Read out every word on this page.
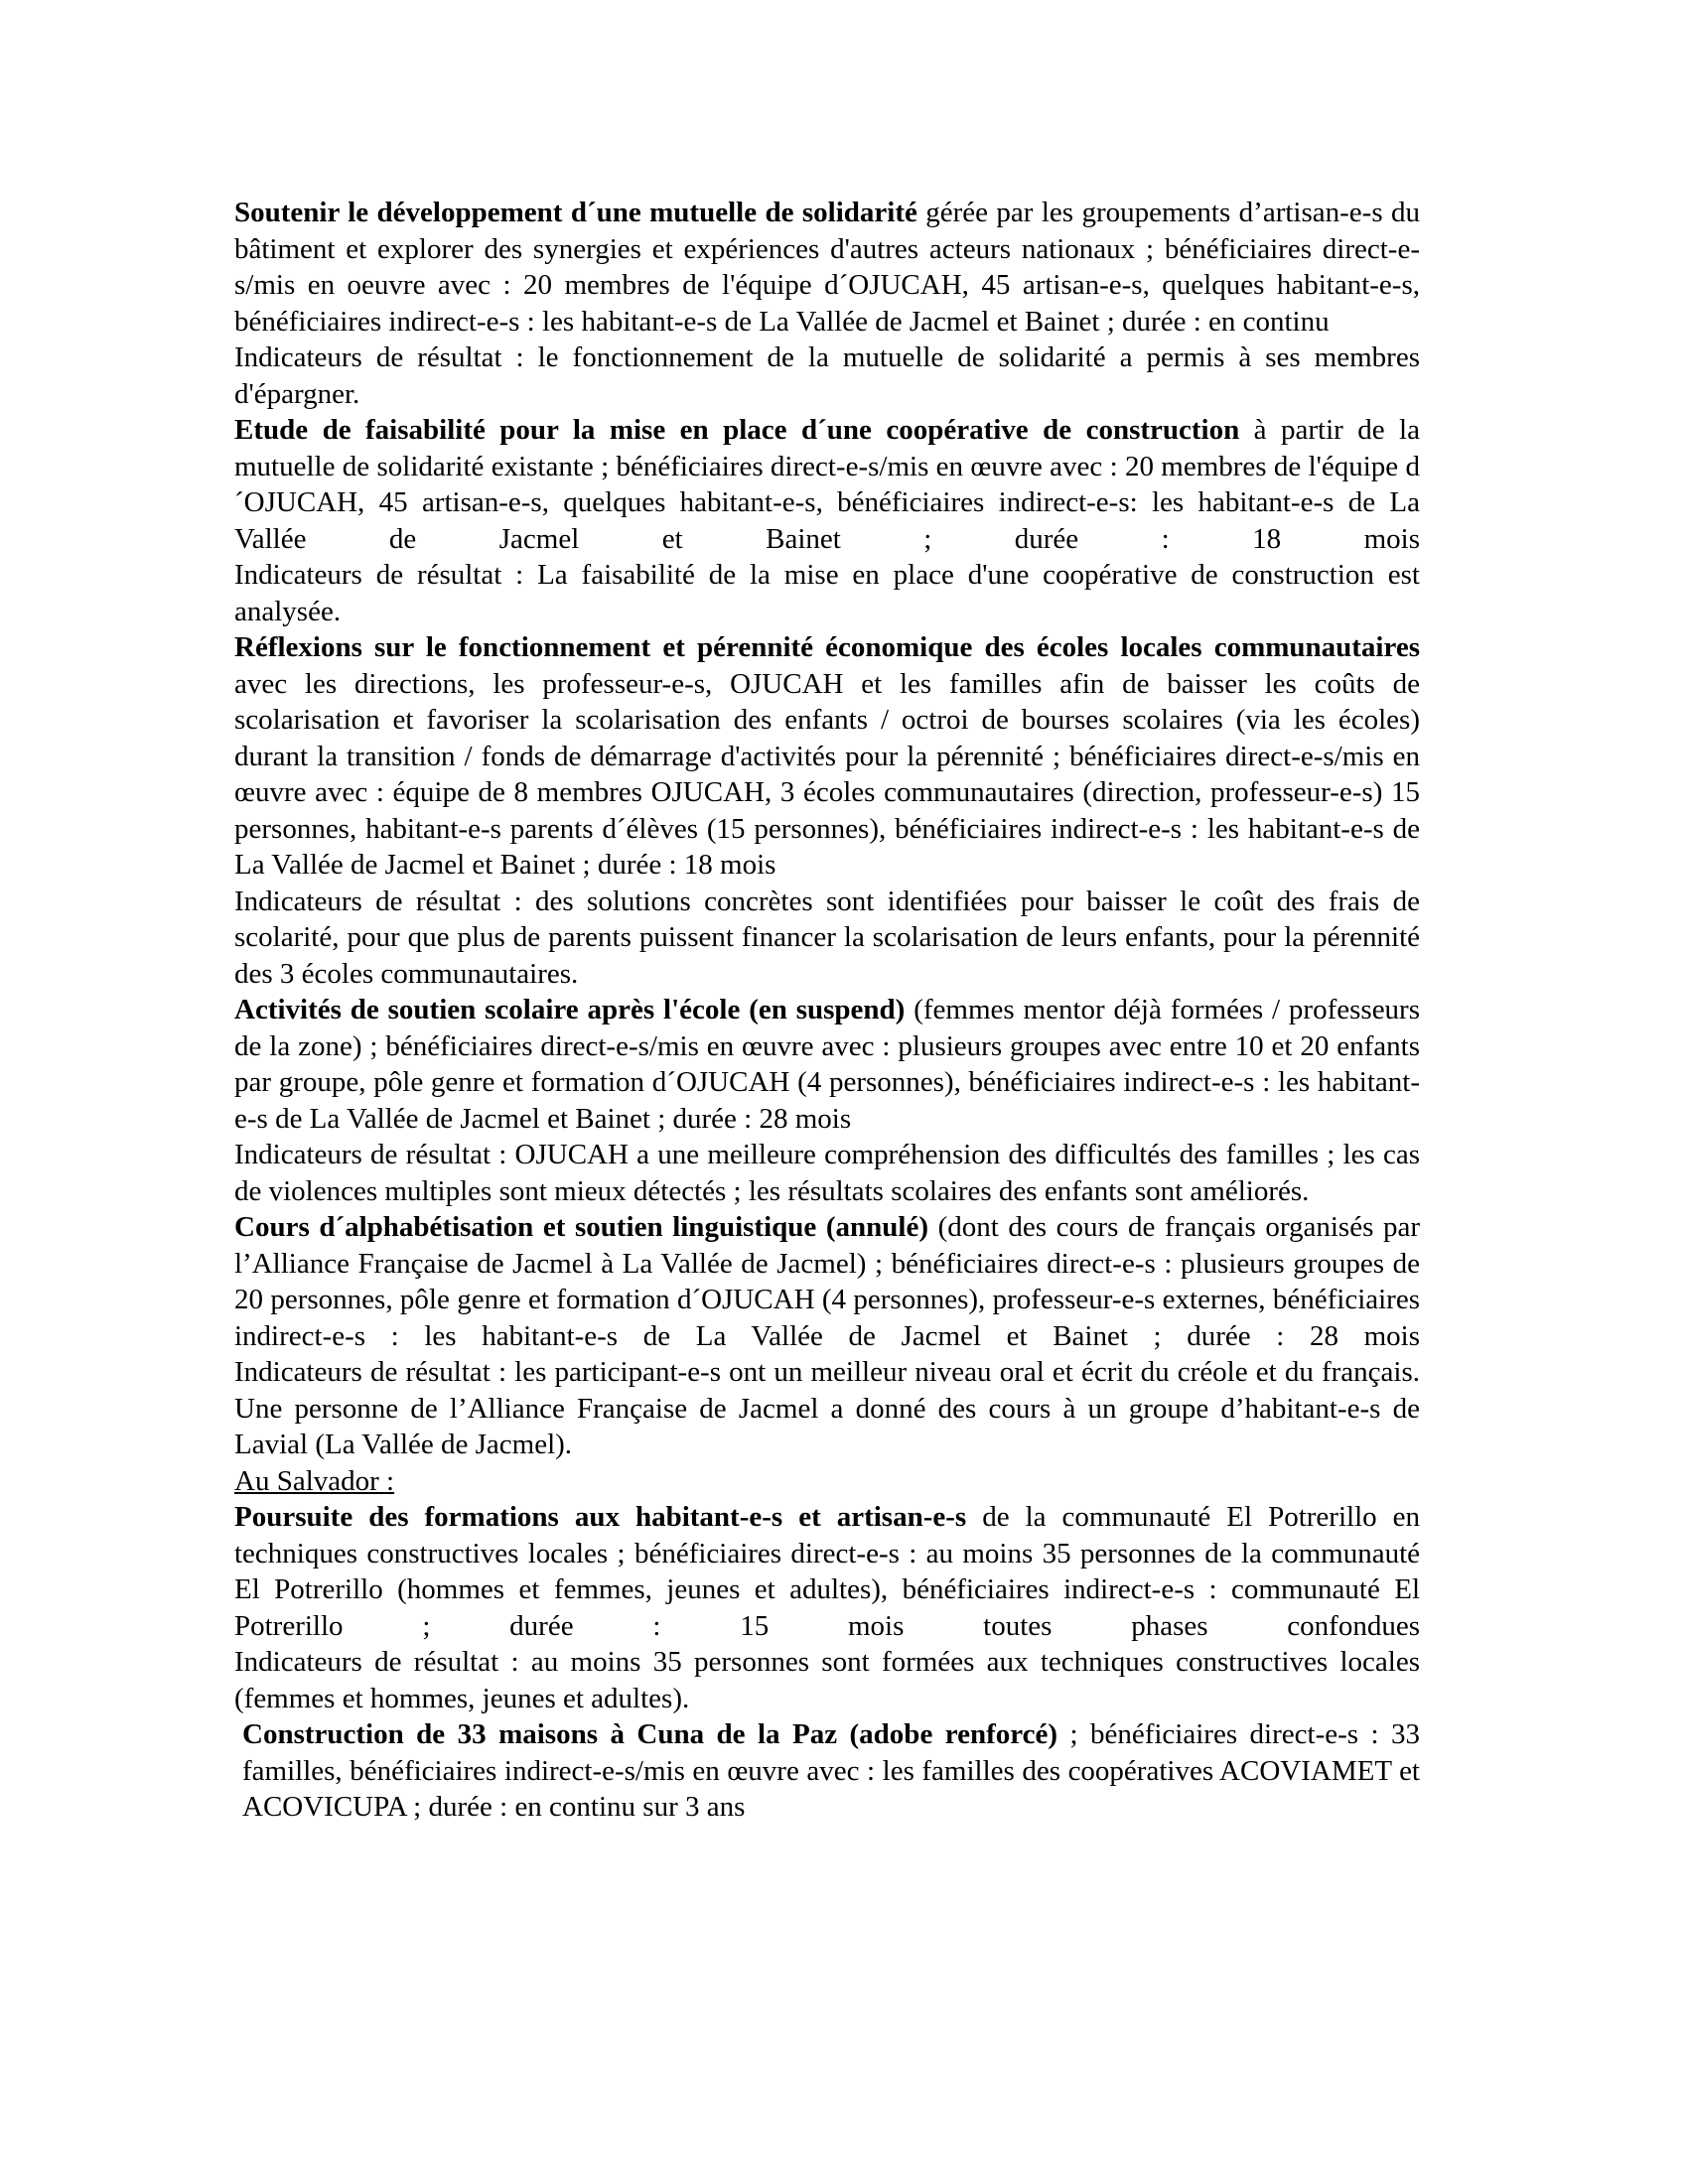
Soutenir le développement d´une mutuelle de solidarité gérée par les groupements d’artisan-e-s du bâtiment et explorer des synergies et expériences d'autres acteurs nationaux ; bénéficiaires direct-e-s/mis en oeuvre avec : 20 membres de l'équipe d´OJUCAH, 45 artisan-e-s, quelques habitant-e-s, bénéficiaires indirect-e-s : les habitant-e-s de La Vallée de Jacmel et Bainet ; durée : en continu

Indicateurs de résultat : le fonctionnement de la mutuelle de solidarité a permis à ses membres d'épargner.

Etude de faisabilité pour la mise en place d´une coopérative de construction à partir de la mutuelle de solidarité existante ; bénéficiaires direct-e-s/mis en œuvre avec : 20 membres de l'équipe d´OJUCAH, 45 artisan-e-s, quelques habitant-e-s, bénéficiaires indirect-e-s: les habitant-e-s de La Vallée de Jacmel et Bainet ; durée : 18 mois

Indicateurs de résultat : La faisabilité de la mise en place d'une coopérative de construction est analysée.

Réflexions sur le fonctionnement et pérennité économique des écoles locales communautaires avec les directions, les professeur-e-s, OJUCAH et les familles afin de baisser les coûts de scolarisation et favoriser la scolarisation des enfants / octroi de bourses scolaires (via les écoles) durant la transition / fonds de démarrage d'activités pour la pérennité ; bénéficiaires direct-e-s/mis en œuvre avec : équipe de 8 membres OJUCAH, 3 écoles communautaires (direction, professeur-e-s) 15 personnes, habitant-e-s parents d´élèves (15 personnes), bénéficiaires indirect-e-s : les habitant-e-s de La Vallée de Jacmel et Bainet ; durée : 18 mois

Indicateurs de résultat : des solutions concrètes sont identifiées pour baisser le coût des frais de scolarité, pour que plus de parents puissent financer la scolarisation de leurs enfants, pour la pérennité des 3 écoles communautaires.

Activités de soutien scolaire après l'école (en suspend) (femmes mentor déjà formées / professeurs de la zone) ; bénéficiaires direct-e-s/mis en œuvre avec : plusieurs groupes avec entre 10 et 20 enfants par groupe, pôle genre et formation d´OJUCAH (4 personnes), bénéficiaires indirect-e-s : les habitant-e-s de La Vallée de Jacmel et Bainet ; durée : 28 mois

Indicateurs de résultat : OJUCAH a une meilleure compréhension des difficultés des familles ; les cas de violences multiples sont mieux détectés ; les résultats scolaires des enfants sont améliorés.

Cours d´alphabétisation et soutien linguistique (annulé) (dont des cours de français organisés par l’Alliance Française de Jacmel à La Vallée de Jacmel) ; bénéficiaires direct-e-s : plusieurs groupes de 20 personnes, pôle genre et formation d´OJUCAH (4 personnes), professeur-e-s externes, bénéficiaires indirect-e-s : les habitant-e-s de La Vallée de Jacmel et Bainet ; durée : 28 mois

Indicateurs de résultat : les participant-e-s ont un meilleur niveau oral et écrit du créole et du français. Une personne de l’Alliance Française de Jacmel a donné des cours à un groupe d’habitant-e-s de Lavial (La Vallée de Jacmel).

Au Salvador :

Poursuite des formations aux habitant-e-s et artisan-e-s de la communauté El Potrerillo en techniques constructives locales ; bénéficiaires direct-e-s : au moins 35 personnes de la communauté El Potrerillo (hommes et femmes, jeunes et adultes), bénéficiaires indirect-e-s : communauté El Potrerillo ; durée : 15 mois toutes phases confondues

Indicateurs de résultat : au moins 35 personnes sont formées aux techniques constructives locales (femmes et hommes, jeunes et adultes).

Construction de 33 maisons à Cuna de la Paz (adobe renforcé) ; bénéficiaires direct-e-s : 33 familles, bénéficiaires indirect-e-s/mis en œuvre avec : les familles des coopératives ACOVIAMET et ACOVICUPA ; durée : en continu sur 3 ans
